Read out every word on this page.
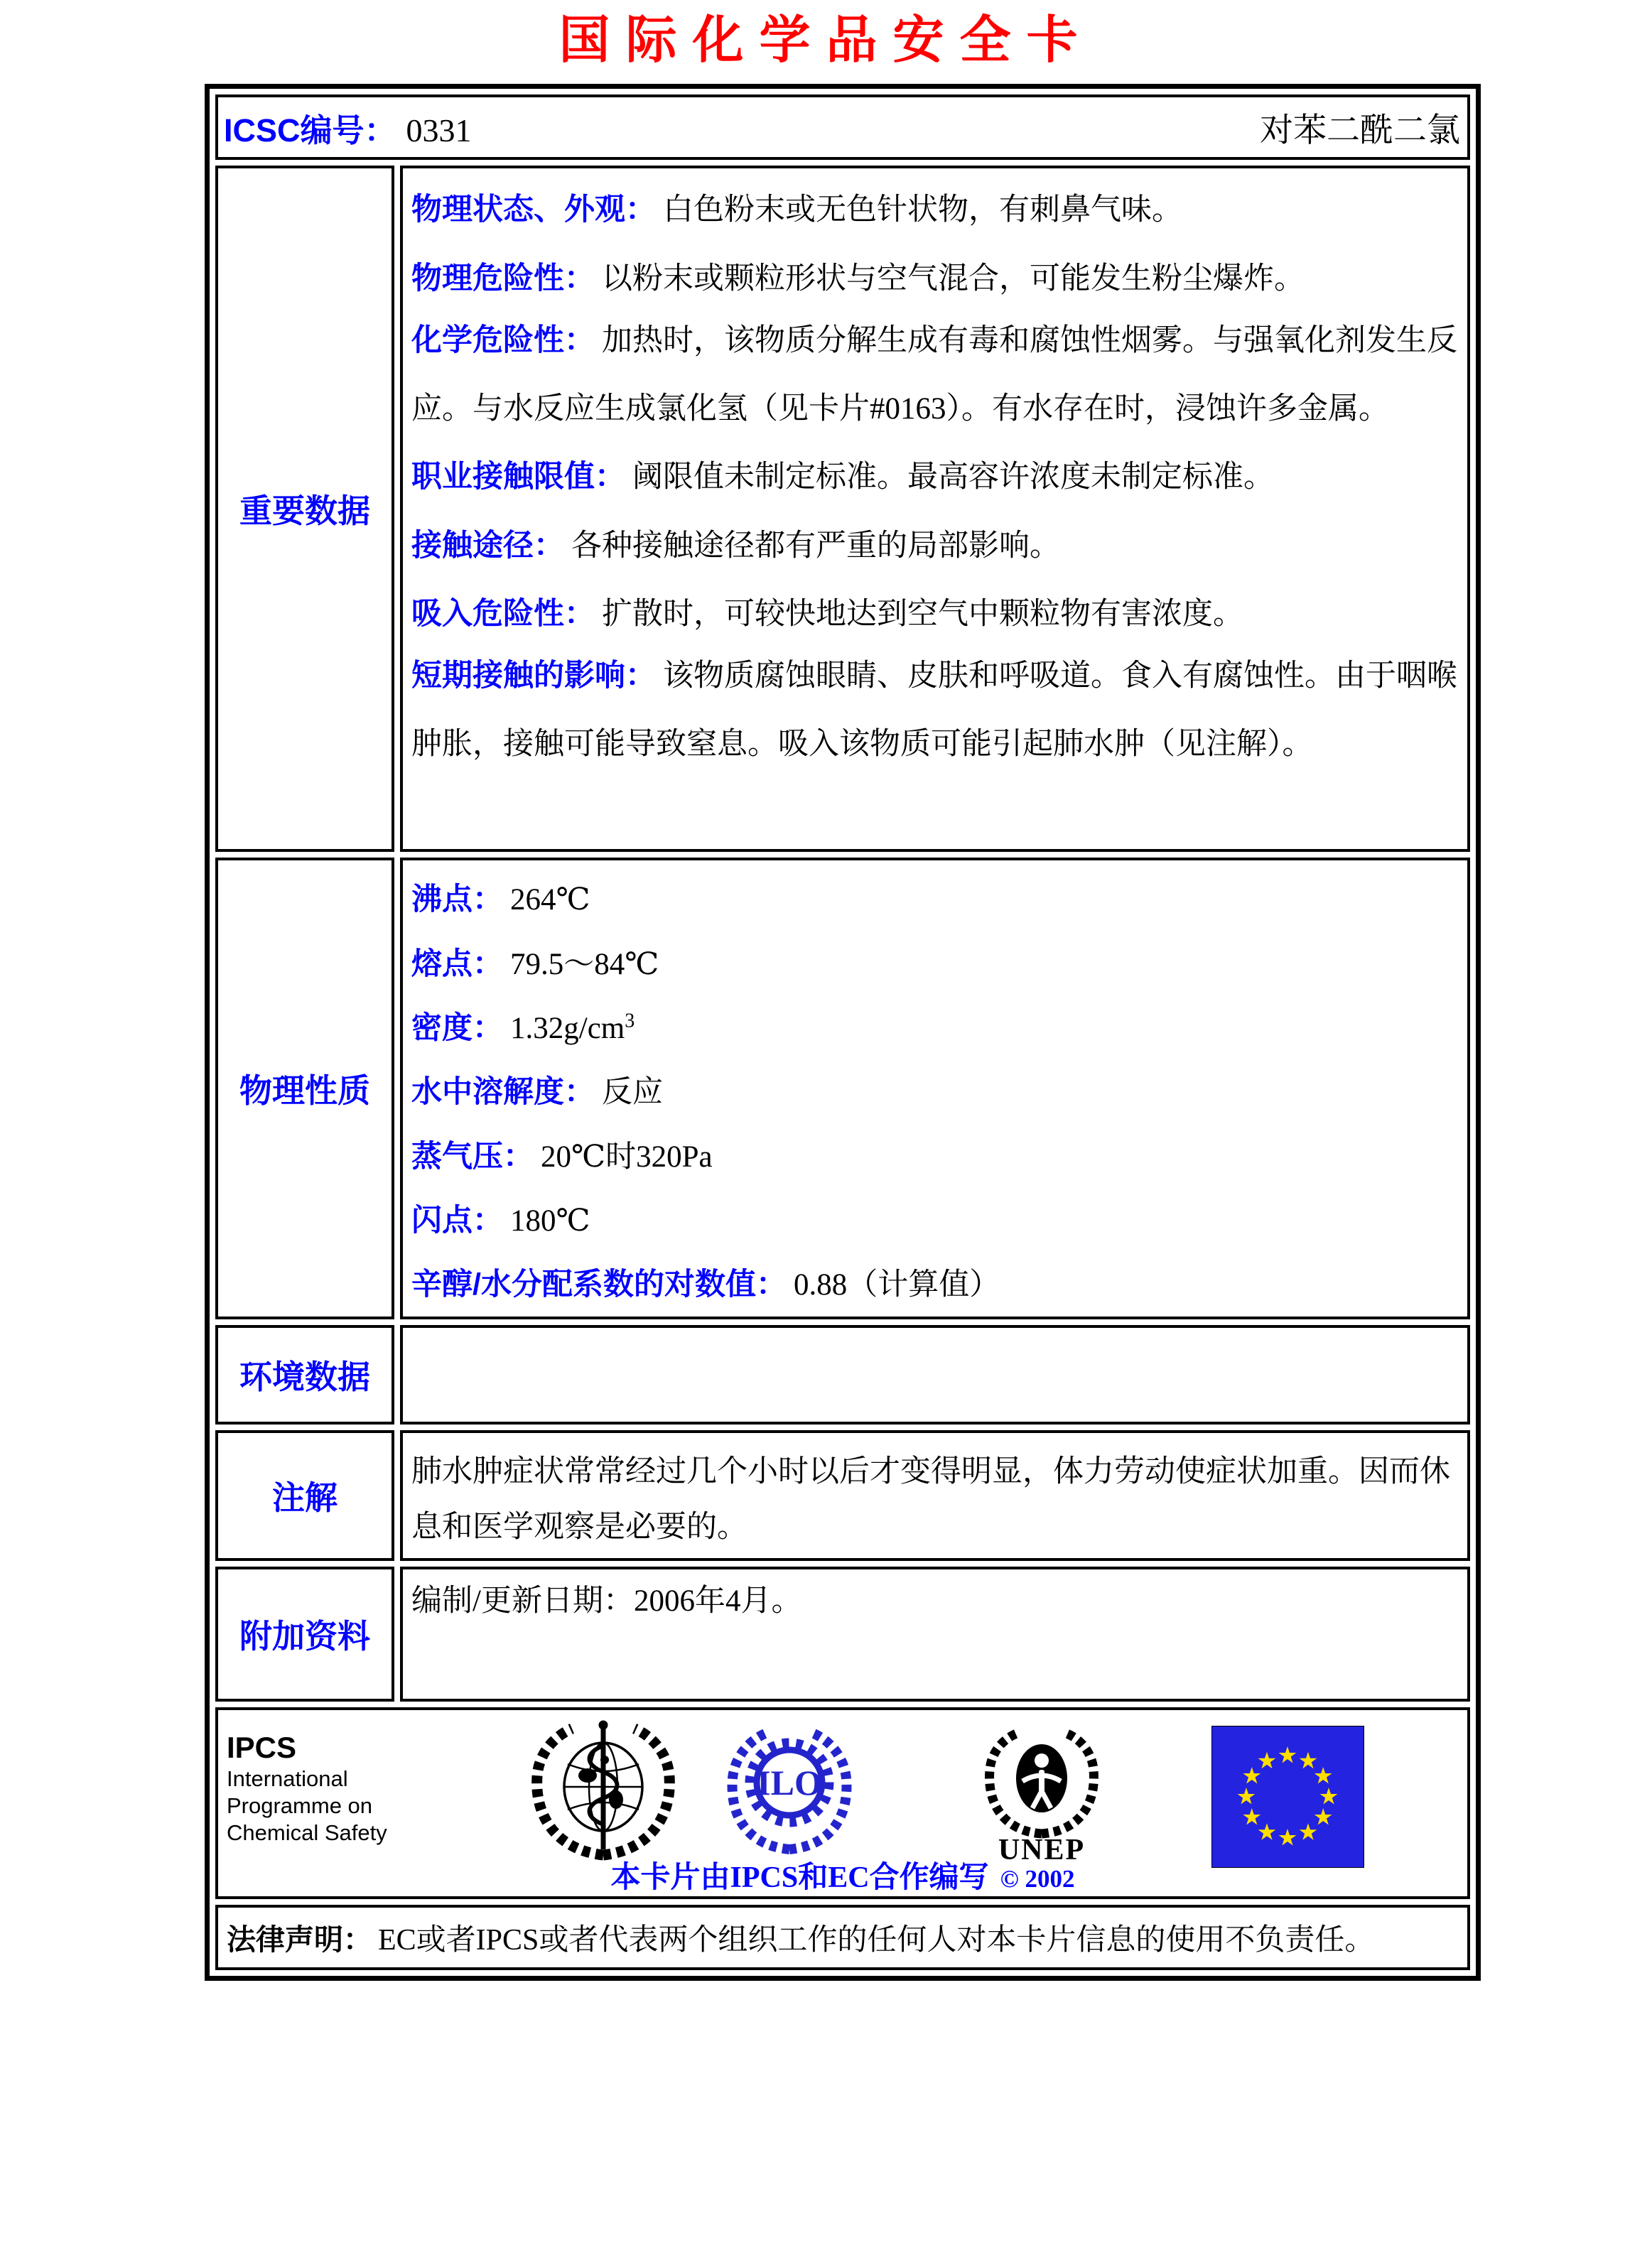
国际化学品安全卡
ICSC编号： 0331 对苯二酰二氯	

重要数据	
物理状态、外观： 白色粉末或无色针状物，有刺鼻气味。
物理危险性： 以粉末或颗粒形状与空气混合，可能发生粉尘爆炸。
化学危险性： 加热时，该物质分解生成有毒和腐蚀性烟雾。与强氧化剂发生反应。与水反应生成氯化氢（见卡片#0163）。有水存在时，浸蚀许多金属。
职业接触限值： 阈限值未制定标准。最高容许浓度未制定标准。
接触途径： 各种接触途径都有严重的局部影响。
吸入危险性： 扩散时，可较快地达到空气中颗粒物有害浓度。
短期接触的影响： 该物质腐蚀眼睛、皮肤和呼吸道。食入有腐蚀性。由于咽喉肿胀，接触可能导致窒息。吸入该物质可能引起肺水肿（见注解）。

物理性质	
沸点： 264℃
熔点： 79.5～84℃
密度： $1.32g/cm^3$
水中溶解度： 反应
蒸气压： 20℃时320Pa
闪点： 180℃
辛醇/水分配系数的对数值： 0.88（计算值）

环境数据	
注解	肺水肿症状常常经过几个小时以后才变得明显，体力劳动使症状加重。因而休息和医学观察是必要的。

附加资料	编制/更新日期：2006年4月。

IPCS
International
Programme on
Chemical Safety
ILO
UNEP
本卡片由IPCS和EC合作编写 © 2002

法律声明： EC或者IPCS或者代表两个组织工作的任何人对本卡片信息的使用不负责任。	
